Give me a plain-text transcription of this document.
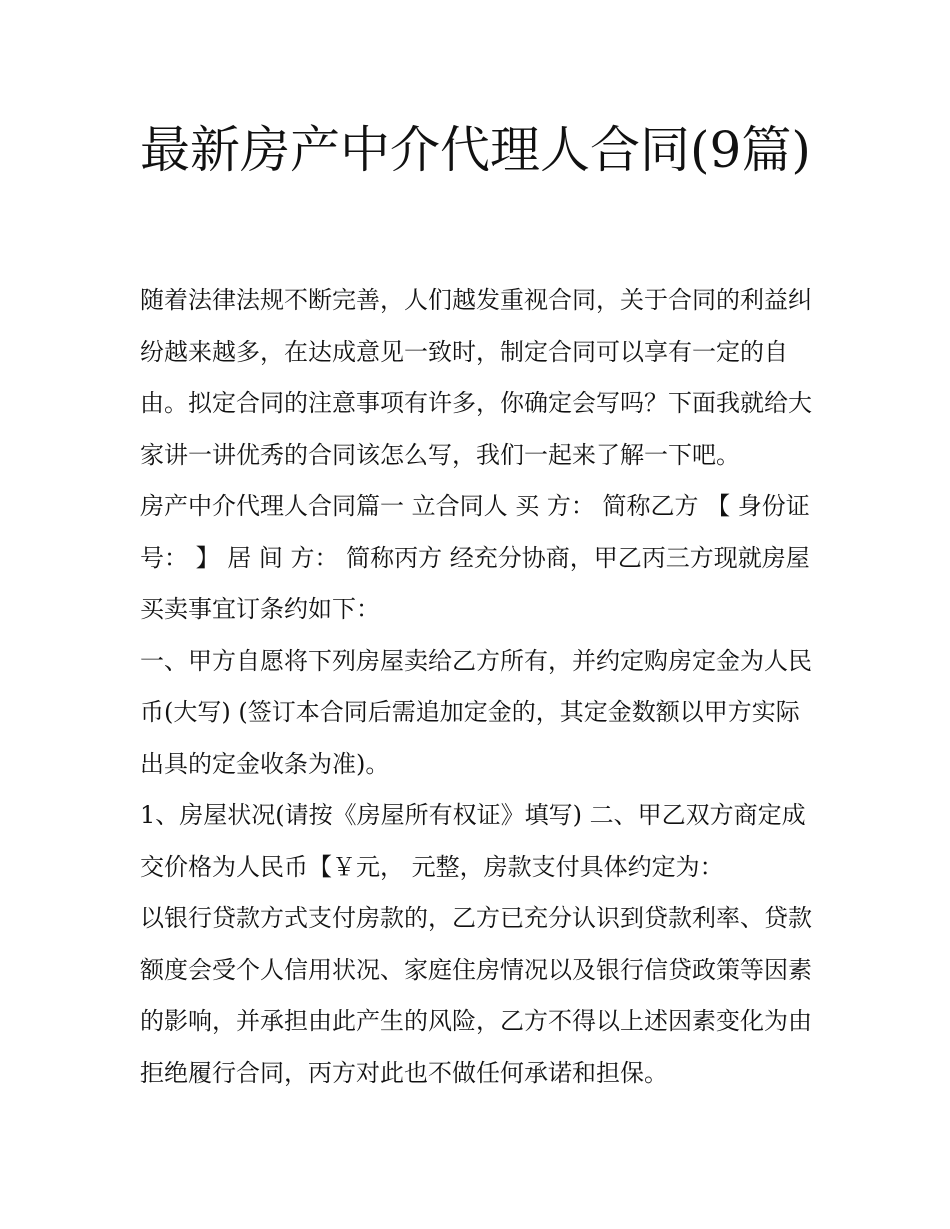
最新房产中介代理人合同(9篇)

随着法律法规不断完善，人们越发重视合同，关于合同的利益纠纷越来越多，在达成意见一致时，制定合同可以享有一定的自由。拟定合同的注意事项有许多，你确定会写吗？下面我就给大家讲一讲优秀的合同该怎么写，我们一起来了解一下吧。

房产中介代理人合同篇一 立合同人 买 方： 简称乙方 【 身份证号： 】 居 间 方： 简称丙方 经充分协商，甲乙丙三方现就房屋买卖事宜订条约如下：

一、甲方自愿将下列房屋卖给乙方所有，并约定购房定金为人民币(大写) (签订本合同后需追加定金的，其定金数额以甲方实际出具的定金收条为准)。

1、房屋状况(请按《房屋所有权证》填写) 二、甲乙双方商定成交价格为人民币【￥元， 元整，房款支付具体约定为：

以银行贷款方式支付房款的，乙方已充分认识到贷款利率、贷款额度会受个人信用状况、家庭住房情况以及银行信贷政策等因素的影响，并承担由此产生的风险，乙方不得以上述因素变化为由拒绝履行合同，丙方对此也不做任何承诺和担保。
